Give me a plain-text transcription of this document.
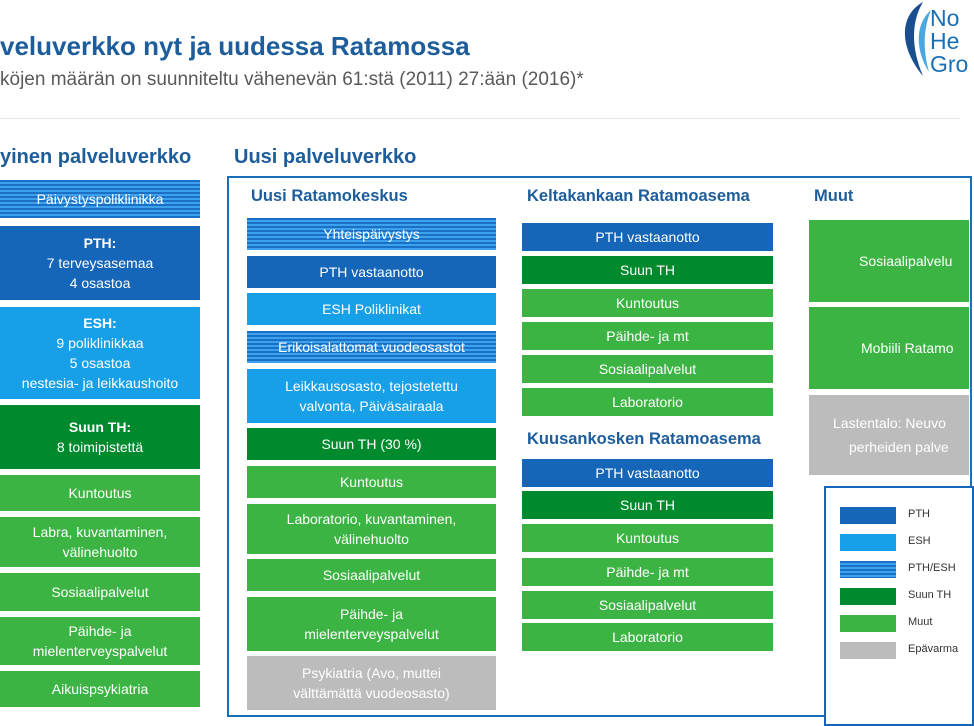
veluverkko nyt ja uudessa Ratamossa
köjen määrän on suunniteltu vähenevän 61:stä (2011) 27:ään (2016)*
No
He
Gro
yinen palveluverkko
Päivystyspoliklinikka
PTH:
7 terveysasemaa
4 osastoa
ESH:
9 poliklinikkaa
5 osastoa
nestesia- ja leikkaushoito
Suun TH:
8 toimipistettä
Kuntoutus
Labra, kuvantaminen,
välinehuolto
Sosiaalipalvelut
Päihde- ja
mielenterveyspalvelut
Aikuispsykiatria
Uusi palveluverkko
Uusi Ratamokeskus
Yhteispäivystys
PTH vastaanotto
ESH Poliklinikat
Erikoisalattomat vuodeosastot
Leikkausosasto, tejostetettu
valvonta, Päiväsairaala
Suun TH (30 %)
Kuntoutus
Laboratorio, kuvantaminen,
välinehuolto
Sosiaalipalvelut
Päihde- ja
mielenterveyspalvelut
Psykiatria (Avo, muttei
välttämättä vuodeosasto)
Keltakankaan Ratamoasema
PTH vastaanotto
Suun TH
Kuntoutus
Päihde- ja mt
Sosiaalipalvelut
Laboratorio
Kuusankosken Ratamoasema
PTH vastaanotto
Suun TH
Kuntoutus
Päihde- ja mt
Sosiaalipalvelut
Laboratorio
Muut
Sosiaalipalvelu
Mobiili Ratamo
Lastentalo: Neuvo
perheiden palve
PTH
ESH
PTH/ESH
Suun TH
Muut
Epävarma
